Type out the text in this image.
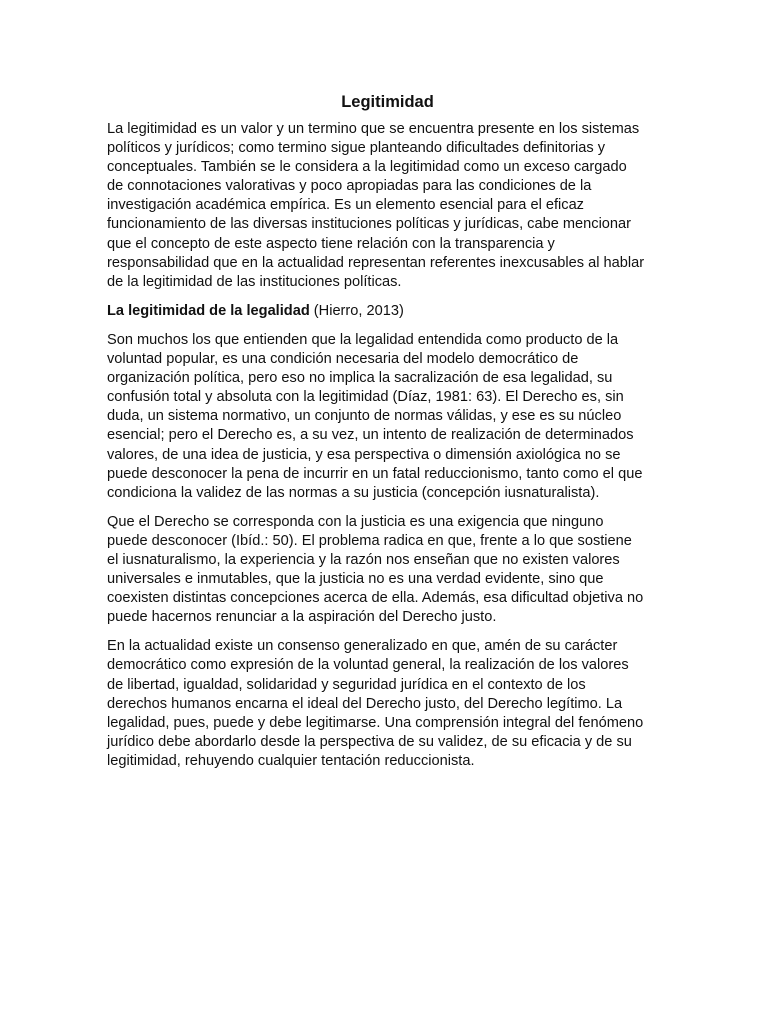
Legitimidad

La legitimidad es un valor y un termino que se encuentra presente en los sistemas
políticos y jurídicos; como termino sigue planteando dificultades definitorias y
conceptuales. También se le considera a la legitimidad como un exceso cargado
de connotaciones valorativas y poco apropiadas para las condiciones de la
investigación académica empírica. Es un elemento esencial para el eficaz
funcionamiento de las diversas instituciones políticas y jurídicas, cabe mencionar
que el concepto de este aspecto tiene relación con la transparencia y
responsabilidad que en la actualidad representan referentes inexcusables al hablar
de la legitimidad de las instituciones políticas.

La legitimidad de la legalidad (Hierro, 2013)

Son muchos los que entienden que la legalidad entendida como producto de la
voluntad popular, es una condición necesaria del modelo democrático de
organización política, pero eso no implica la sacralización de esa legalidad, su
confusión total y absoluta con la legitimidad (Díaz, 1981: 63). El Derecho es, sin
duda, un sistema normativo, un conjunto de normas válidas, y ese es su núcleo
esencial; pero el Derecho es, a su vez, un intento de realización de determinados
valores, de una idea de justicia, y esa perspectiva o dimensión axiológica no se
puede desconocer la pena de incurrir en un fatal reduccionismo, tanto como el que
condiciona la validez de las normas a su justicia (concepción iusnaturalista).

Que el Derecho se corresponda con la justicia es una exigencia que ninguno
puede desconocer (Ibíd.: 50). El problema radica en que, frente a lo que sostiene
el iusnaturalismo, la experiencia y la razón nos enseñan que no existen valores
universales e inmutables, que la justicia no es una verdad evidente, sino que
coexisten distintas concepciones acerca de ella. Además, esa dificultad objetiva no
puede hacernos renunciar a la aspiración del Derecho justo.

En la actualidad existe un consenso generalizado en que, amén de su carácter
democrático como expresión de la voluntad general, la realización de los valores
de libertad, igualdad, solidaridad y seguridad jurídica en el contexto de los
derechos humanos encarna el ideal del Derecho justo, del Derecho legítimo. La
legalidad, pues, puede y debe legitimarse. Una comprensión integral del fenómeno
jurídico debe abordarlo desde la perspectiva de su validez, de su eficacia y de su
legitimidad, rehuyendo cualquier tentación reduccionista.
